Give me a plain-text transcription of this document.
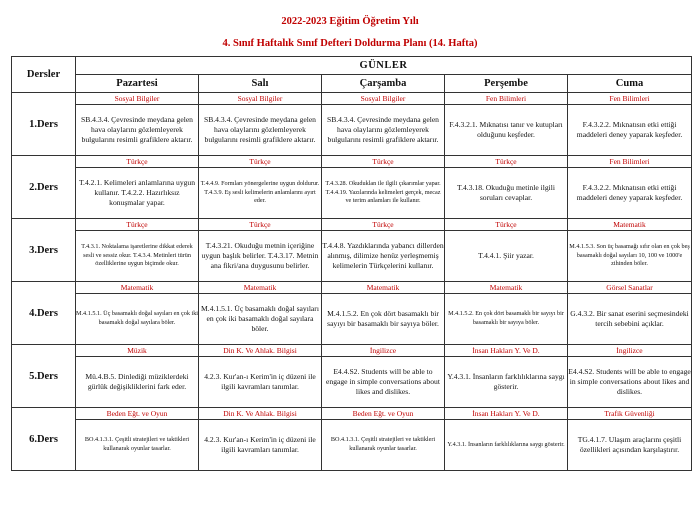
2022-2023 Eğitim Öğretim Yılı
4. Sınıf Haftalık Sınıf Defteri Doldurma Planı (14. Hafta)
Dersler	GÜNLER				
	Pazartesi	Salı	Çarşamba	Perşembe	Cuma
1.Ders	Sosyal Bilgiler	Sosyal Bilgiler	Sosyal Bilgiler	Fen Bilimleri	Fen Bilimleri
	SB.4.3.4. Çevresinde meydana gelen hava olaylarını gözlemleyerek bulgularını resimli grafiklere aktarır.	SB.4.3.4. Çevresinde meydana gelen hava olaylarını gözlemleyerek bulgularını resimli grafiklere aktarır.	SB.4.3.4. Çevresinde meydana gelen hava olaylarını gözlemleyerek bulgularını resimli grafiklere aktarır.	F.4.3.2.1. Mıknatısı tanır ve kutupları olduğunu keşfeder.	F.4.3.2.2. Mıknatısın etki ettiği maddeleri deney yaparak keşfeder.
2.Ders	Türkçe	Türkçe	Türkçe	Türkçe	Fen Bilimleri
	T.4.2.1. Kelimeleri anlamlarına uygun kullanır. T.4.2.2. Hazırlıksız konuşmalar yapar.	T.4.4.9. Formları yönergelerine uygun doldurur. T.4.3.9. Eş sesli kelimelerin anlamlarını ayırt eder.	T.4.3.28. Okuduklan ile ilgili çıkarımlar yapar. T.4.4.19. Yazılarında kelimeleri gerçek, mecaz ve terim anlamları ile kullanır.	T.4.3.18. Okuduğu metinle ilgili soruları cevaplar.	F.4.3.2.2. Mıknatısın etki ettiği maddeleri deney yaparak keşfeder.
3.Ders	Türkçe	Türkçe	Türkçe	Türkçe	Matematik
	T.4.3.1. Noktalama işaretlerine dikkat ederek sesli ve sessiz okur. T.4.3.4. Metinleri türün özelliklerine uygun biçimde okur.	T.4.3.21. Okuduğu metnin içeriğine uygun başlık belirler. T.4.3.17. Metnin ana fikri/ana duygusunu belirler.	T.4.4.8. Yazdıklarında yabancı dillerden alınmış, dilimize henüz yerleşmemiş kelimelerin Türkçelerini kullanır.	T.4.4.1. Şiir yazar.	M.4.1.5.3. Son üç basamağı sıfır olan en çok beş basamaklı doğal sayıları 10, 100 ve 1000'e zihinden böler.
4.Ders	Matematik	Matematik	Matematik	Matematik	Görsel Sanatlar
	M.4.1.5.1. Üç basamaklı doğal sayıları en çok iki basamaklı doğal sayılara böler.	M.4.1.5.1. Üç basamaklı doğal sayıları en çok iki basamaklı doğal sayılara böler.	M.4.1.5.2. En çok dört basamaklı bir sayıyı bir basamaklı bir sayıya böler.	M.4.1.5.2. En çok dört basamaklı bir sayıyı bir basamaklı bir sayıya böler.	G.4.3.2. Bir sanat eserini seçmesindeki tercih sebebini açıklar.
5.Ders	Müzik	Din K. Ve Ahlak. Bilgisi	İngilizce	İnsan Hakları Y. Ve D.	İngilizce
	Mü.4.B.5. Dinlediği müziklerdeki gürlük değişikliklerini fark eder.	4.2.3. Kur'an-ı Kerim'in iç düzeni ile ilgili kavramları tanımlar.	E4.4.S2. Students will be able to engage in simple conversations about likes and dislikes.	Y.4.3.1. İnsanların farklılıklarına saygı gösterir.	E4.4.S2. Students will be able to engage in simple conversations about likes and dislikes.
6.Ders	Beden Eğt. ve Oyun	Din K. Ve Ahlak. Bilgisi	Beden Eğt. ve Oyun	İnsan Hakları Y. Ve D.	Trafik Güvenliği
	BO.4.1.3.1. Çeşitli stratejileri ve taktikleri kullanarak oyunlar tasarlar.	4.2.3. Kur'an-ı Kerim'in iç düzeni ile ilgili kavramları tanımlar.	BO.4.1.3.1. Çeşitli stratejileri ve taktikleri kullanarak oyunlar tasarlar.	Y.4.3.1. İnsanların farklılıklarına saygı gösterir.	TG.4.1.7. Ulaşım araçlarını çeşitli özellikleri açısından karşılaştırır.
